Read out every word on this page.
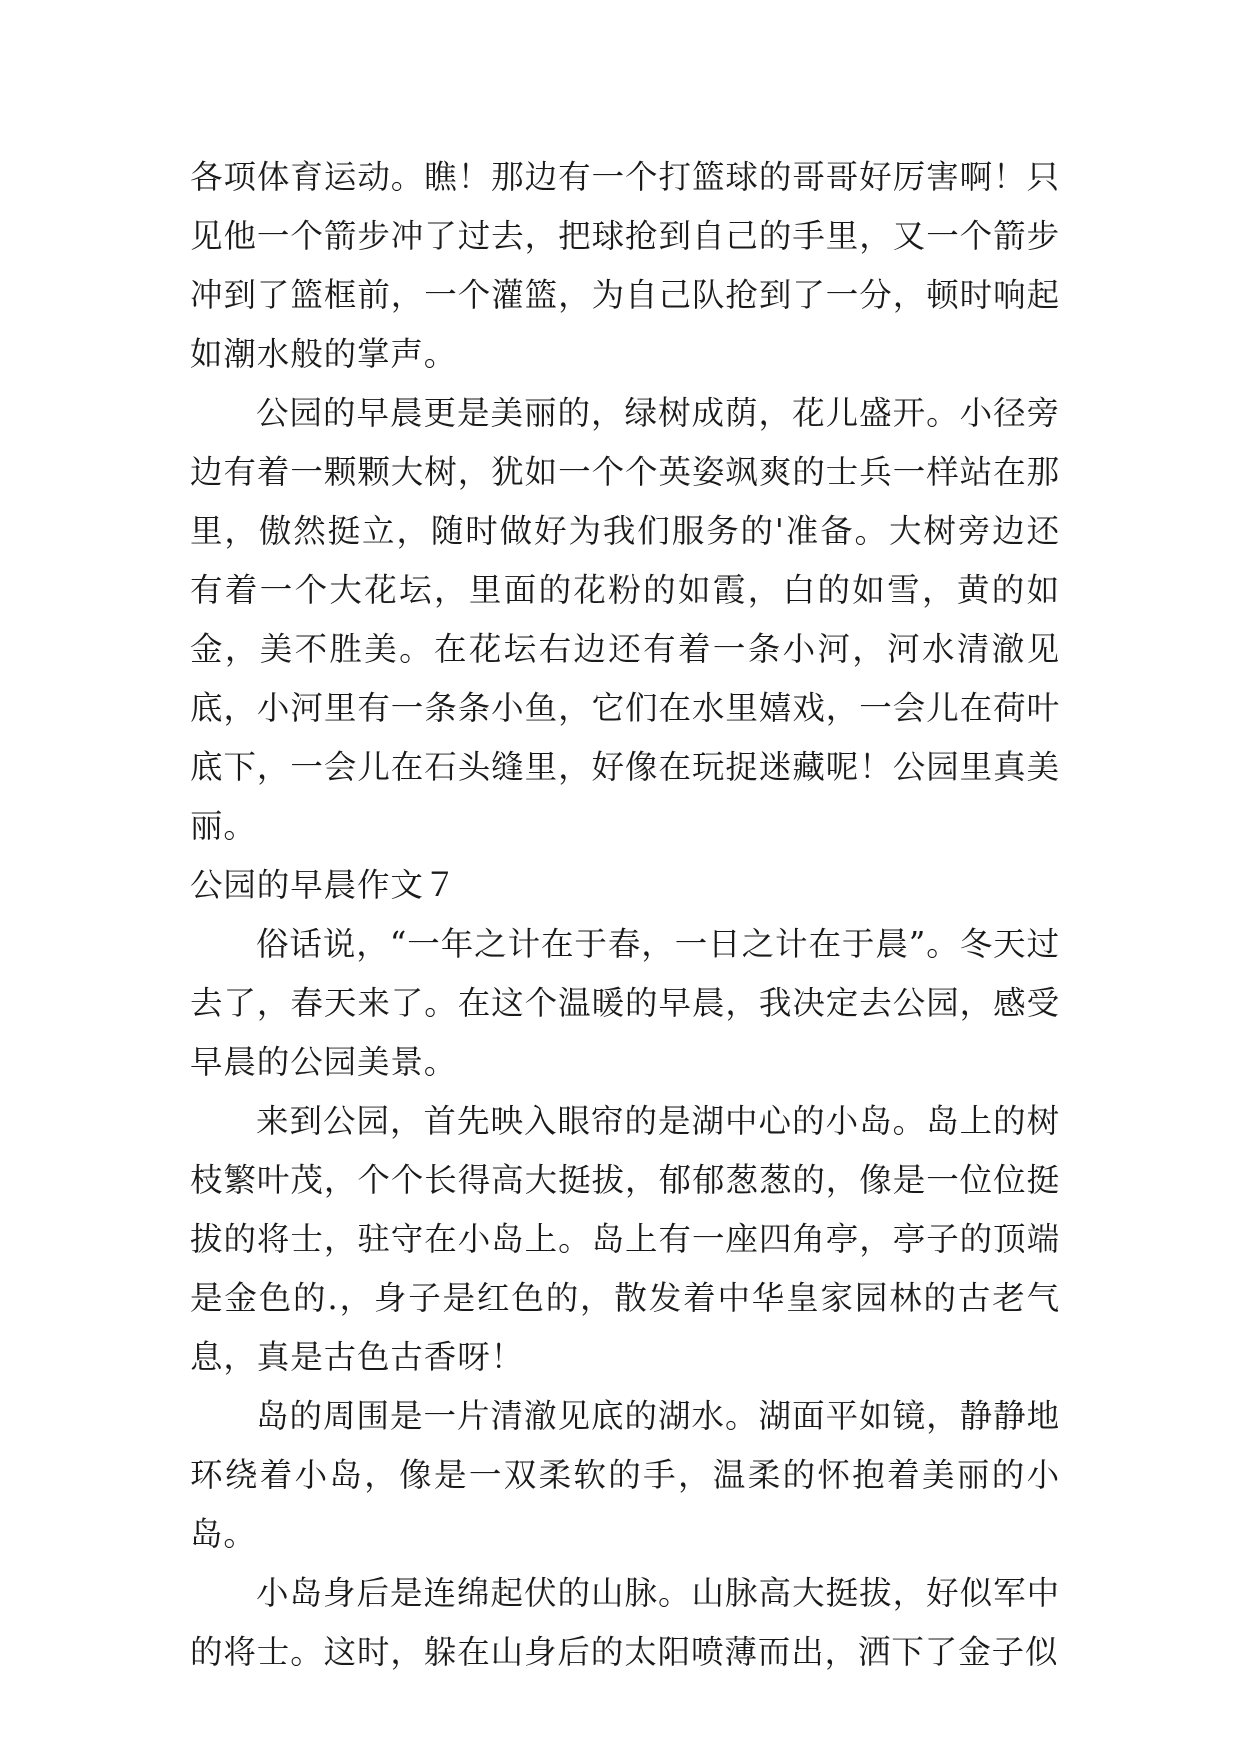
各项体育运动。瞧！那边有一个打篮球的哥哥好厉害啊！只见他一个箭步冲了过去，把球抢到自己的手里，又一个箭步冲到了篮框前，一个灌篮，为自己队抢到了一分，顿时响起如潮水般的掌声。

公园的早晨更是美丽的，绿树成荫，花儿盛开。小径旁边有着一颗颗大树，犹如一个个英姿飒爽的士兵一样站在那里，傲然挺立，随时做好为我们服务的'准备。大树旁边还有着一个大花坛，里面的花粉的如霞，白的如雪，黄的如金，美不胜美。在花坛右边还有着一条小河，河水清澈见底，小河里有一条条小鱼，它们在水里嬉戏，一会儿在荷叶底下，一会儿在石头缝里，好像在玩捉迷藏呢！公园里真美丽。

公园的早晨作文７

俗话说，“一年之计在于春，一日之计在于晨”。冬天过去了，春天来了。在这个温暖的早晨，我决定去公园，感受早晨的公园美景。

来到公园，首先映入眼帘的是湖中心的小岛。岛上的树枝繁叶茂，个个长得高大挺拔，郁郁葱葱的，像是一位位挺拔的将士，驻守在小岛上。岛上有一座四角亭，亭子的顶端是金色的.，身子是红色的，散发着中华皇家园林的古老气息，真是古色古香呀！

岛的周围是一片清澈见底的湖水。湖面平如镜，静静地环绕着小岛，像是一双柔软的手，温柔的怀抱着美丽的小岛。

小岛身后是连绵起伏的山脉。山脉高大挺拔，好似军中的将士。这时，躲在山身后的太阳喷薄而出，洒下了金子似
